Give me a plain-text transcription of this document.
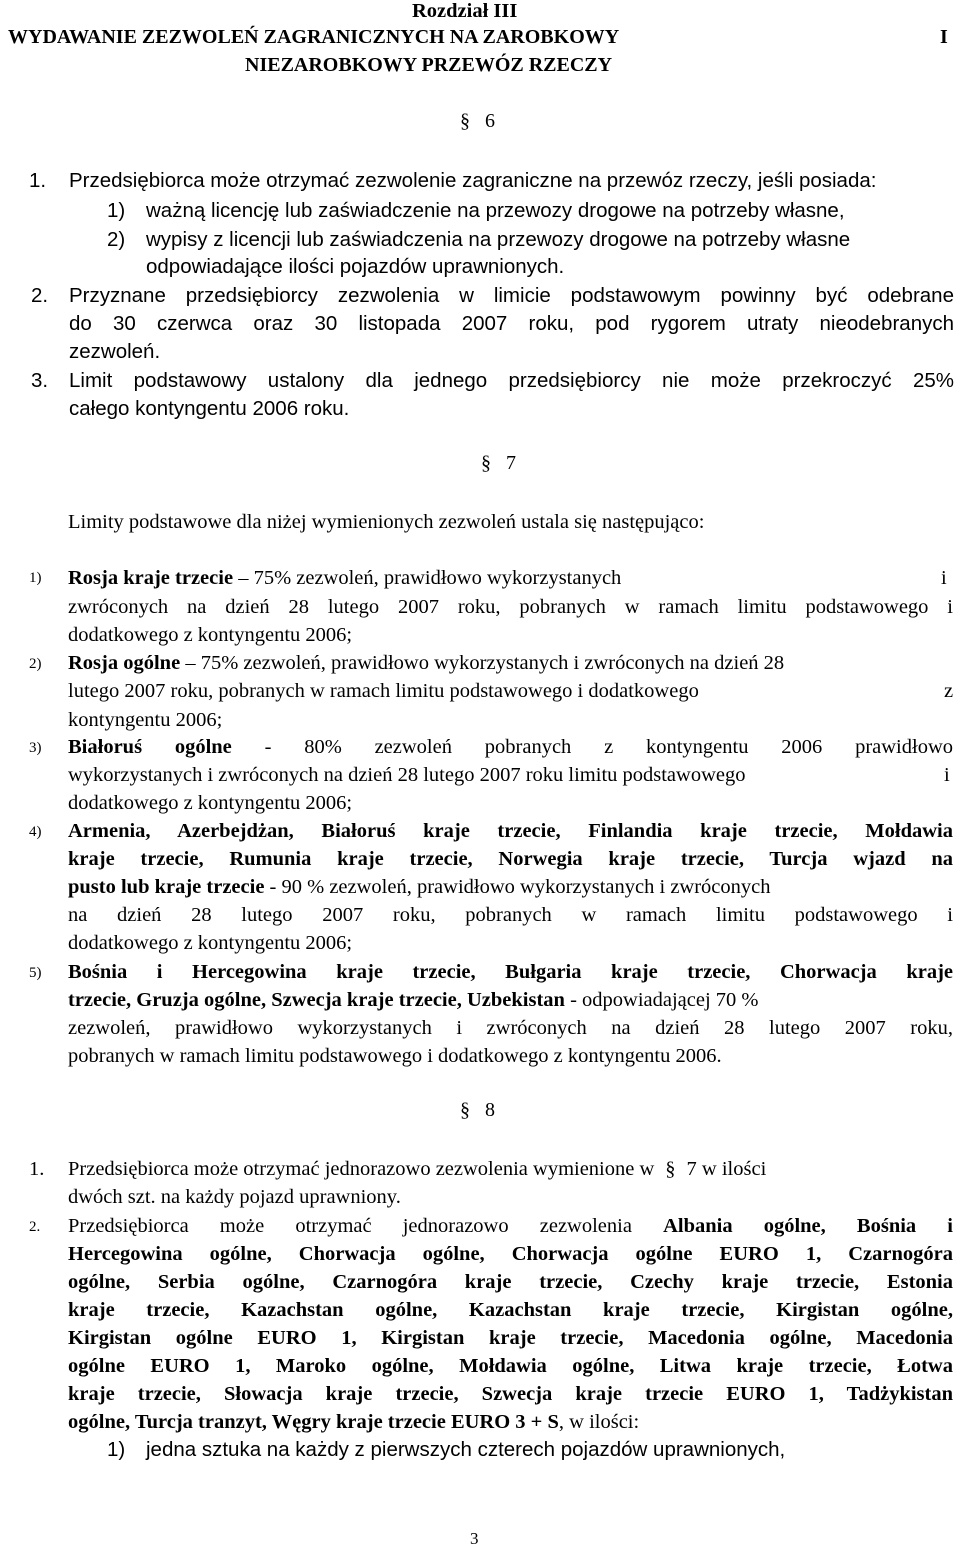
Rozdział III
WYDAWANIE ZEZWOLEŃ ZAGRANICZNYCH NA ZAROBKOWY	I
NIEZAROBKOWY PRZEWÓZ RZECZY
§ 6
1. Przedsiębiorca może otrzymać zezwolenie zagraniczne na przewóz rzeczy, jeśli posiada:
1) ważną licencję lub zaświadczenie na przewozy drogowe na potrzeby własne,
2) wypisy z licencji lub zaświadczenia na przewozy drogowe na potrzeby własne
odpowiadające ilości pojazdów uprawnionych.
2. Przyznane przedsiębiorcy zezwolenia w limicie podstawowym powinny być odebrane
do 30 czerwca oraz 30 listopada 2007 roku, pod rygorem utraty nieodebranych
zezwoleń.
3. Limit podstawowy ustalony dla jednego przedsiębiorcy nie może przekroczyć 25%
całego kontyngentu 2006 roku.
§ 7
Limity podstawowe dla niżej wymienionych zezwoleń ustala się następująco:
1) Rosja kraje trzecie – 75% zezwoleń, prawidłowo wykorzystanych	i
zwróconych na dzień 28 lutego 2007 roku, pobranych w ramach limitu podstawowego i
dodatkowego z kontyngentu 2006;
2) Rosja ogólne – 75% zezwoleń, prawidłowo wykorzystanych i zwróconych na dzień 28
lutego 2007 roku, pobranych w ramach limitu podstawowego i dodatkowego	z
kontyngentu 2006;
3) Białoruś ogólne - 80% zezwoleń pobranych z kontyngentu 2006 prawidłowo
wykorzystanych i zwróconych na dzień 28 lutego 2007 roku limitu podstawowego	i
dodatkowego z kontyngentu 2006;
4) Armenia, Azerbejdżan, Białoruś kraje trzecie, Finlandia kraje trzecie, Mołdawia
kraje trzecie, Rumunia kraje trzecie, Norwegia kraje trzecie, Turcja wjazd na
pusto lub kraje trzecie - 90 % zezwoleń, prawidłowo wykorzystanych i zwróconych
na dzień 28 lutego 2007 roku, pobranych w ramach limitu podstawowego i
dodatkowego z kontyngentu 2006;
5) Bośnia i Hercegowina kraje trzecie, Bułgaria kraje trzecie, Chorwacja kraje
trzecie, Gruzja ogólne, Szwecja kraje trzecie, Uzbekistan - odpowiadającej 70 %
zezwoleń, prawidłowo wykorzystanych i zwróconych na dzień 28 lutego 2007 roku,
pobranych w ramach limitu podstawowego i dodatkowego z kontyngentu 2006.
§ 8
1. Przedsiębiorca może otrzymać jednorazowo zezwolenia wymienione w § 7 w ilości
dwóch szt. na każdy pojazd uprawniony.
2. Przedsiębiorca może otrzymać jednorazowo zezwolenia Albania ogólne, Bośnia i
Hercegowina ogólne, Chorwacja ogólne, Chorwacja ogólne EURO 1, Czarnogóra
ogólne, Serbia ogólne, Czarnogóra kraje trzecie, Czechy kraje trzecie, Estonia
kraje trzecie, Kazachstan ogólne, Kazachstan kraje trzecie, Kirgistan ogólne,
Kirgistan ogólne EURO 1, Kirgistan kraje trzecie, Macedonia ogólne, Macedonia
ogólne EURO 1, Maroko ogólne, Mołdawia ogólne, Litwa kraje trzecie, Łotwa
kraje trzecie, Słowacja kraje trzecie, Szwecja kraje trzecie EURO 1, Tadżykistan
ogólne, Turcja tranzyt, Węgry kraje trzecie EURO 3 + S, w ilości:
1) jedna sztuka na każdy z pierwszych czterech pojazdów uprawnionych,
3
